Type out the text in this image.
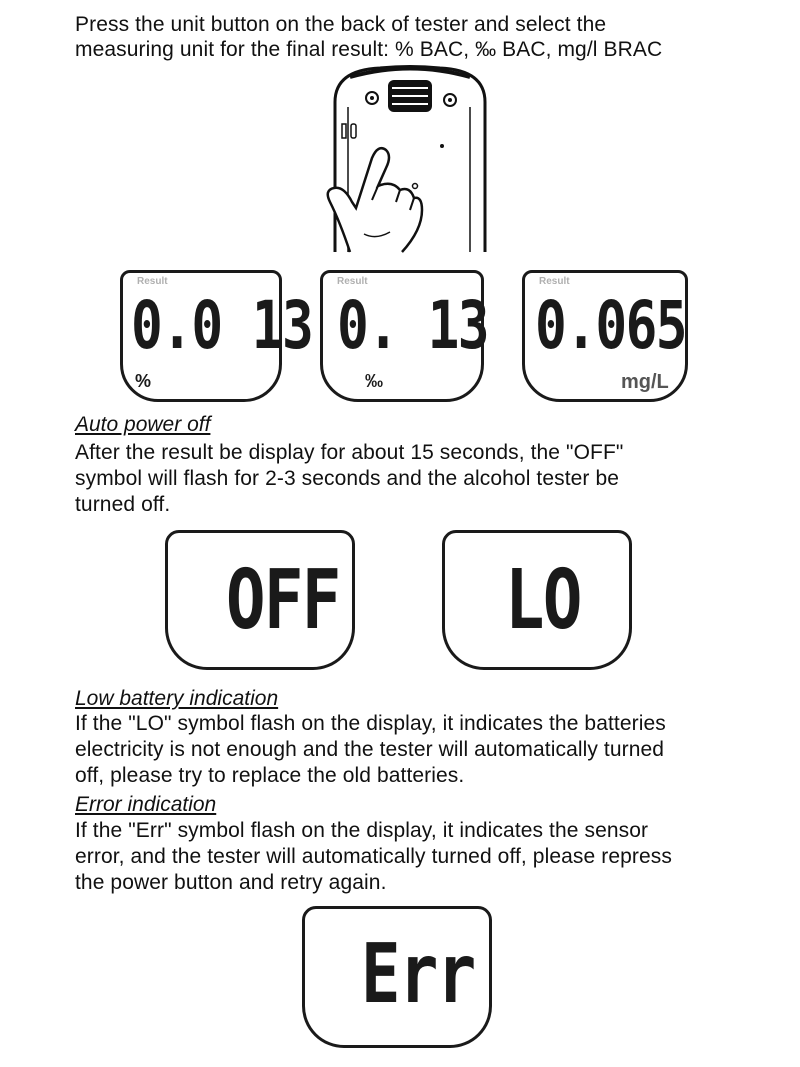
Press the unit button on the back of tester and select the
measuring unit for the final result: % BAC, ‰ BAC, mg/l BRAC
Result
0.0 13
%
Result
0. 13
‰
Result
0.065
mg/L
Auto power off
After the result be display for about 15 seconds, the "OFF"
symbol will flash for 2-3 seconds and the alcohol tester be
turned off.
OFF LO
Low battery indication
If the "LO" symbol flash on the display, it indicates the batteries
electricity is not enough and the tester will automatically turned
off, please try to replace the old batteries.
Error indication
If the "Err" symbol flash on the display, it indicates the sensor
error, and the tester will automatically turned off, please repress
the power button and retry again.
Err
